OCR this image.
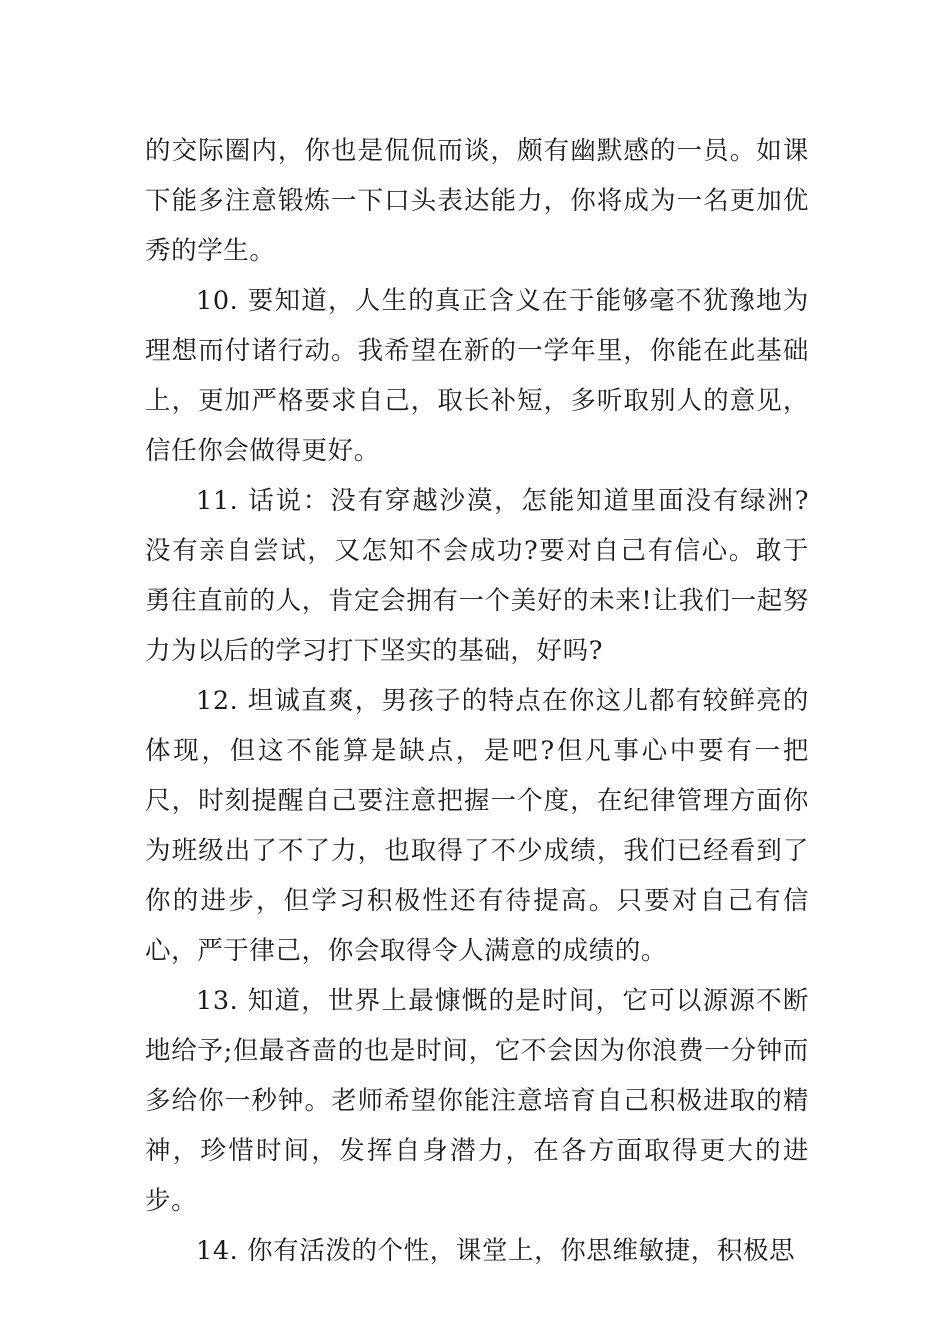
的交际圈内，你也是侃侃而谈，颇有幽默感的一员。如课下能多注意锻炼一下口头表达能力，你将成为一名更加优秀的学生。

10. 要知道，人生的真正含义在于能够毫不犹豫地为理想而付诸行动。我希望在新的一学年里，你能在此基础上，更加严格要求自己，取长补短，多听取别人的意见，信任你会做得更好。

11. 话说：没有穿越沙漠，怎能知道里面没有绿洲?没有亲自尝试，又怎知不会成功?要对自己有信心。敢于勇往直前的人，肯定会拥有一个美好的未来!让我们一起努力为以后的学习打下坚实的基础，好吗?

12. 坦诚直爽，男孩子的特点在你这儿都有较鲜亮的体现，但这不能算是缺点，是吧?但凡事心中要有一把尺，时刻提醒自己要注意把握一个度，在纪律管理方面你为班级出了不了力，也取得了不少成绩，我们已经看到了你的进步，但学习积极性还有待提高。只要对自己有信心，严于律己，你会取得令人满意的成绩的。

13. 知道，世界上最慷慨的是时间，它可以源源不断地给予;但最吝啬的也是时间，它不会因为你浪费一分钟而多给你一秒钟。老师希望你能注意培育自己积极进取的精神，珍惜时间，发挥自身潜力，在各方面取得更大的进步。

14. 你有活泼的个性，课堂上，你思维敏捷，积极思
